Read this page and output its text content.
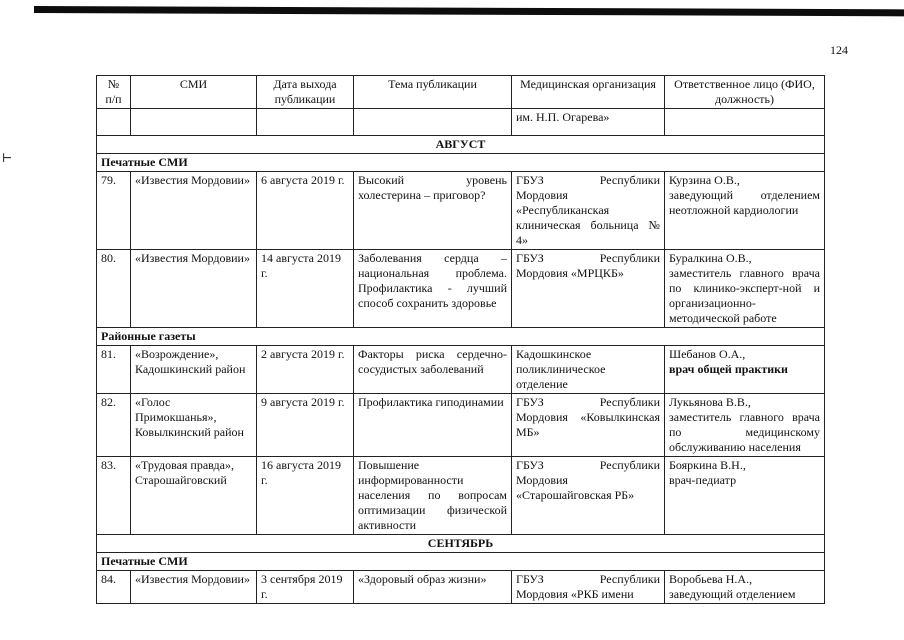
124
⊢
№
п/п	СМИ	Дата выхода публикации	Тема публикации	Медицинская организация	Ответственное лицо (ФИО, должность)
				им. Н.П. Огарева»	
АВГУСТ					
Печатные СМИ					
79.	«Известия Мордовии»	6 августа 2019 г.	Высокий уровень холестерина – приговор?	ГБУЗ Республики Мордовия «Республиканская клиническая больница № 4»	Курзина О.В.,
заведующий отделением неотложной кардиологии
80.	«Известия Мордовии»	14 августа 2019 г.	Заболевания сердца – национальная проблема. Профилактика - лучший способ сохранить здоровье	ГБУЗ Республики Мордовия «МРЦКБ»	Буралкина О.В.,
заместитель главного врача по клинико-эксперт-ной и организационно-методической работе
Районные газеты					
81.	«Возрождение», Кадошкинский район	2 августа 2019 г.	Факторы риска сердечно-сосудистых заболеваний	Кадошкинское поликлиническое отделение	Шебанов О.А.,
врач общей практики
82.	«Голос Примокшанья», Ковылкинский район	9 августа 2019 г.	Профилактика гиподинамии	ГБУЗ Республики Мордовия «Ковылкинская МБ»	Лукьянова В.В.,
заместитель главного врача по медицинскому обслуживанию населения
83.	«Трудовая правда», Старошайговский	16 августа 2019 г.	Повышение информированности населения по вопросам оптимизации физической активности	ГБУЗ Республики Мордовия «Старошайговская РБ»	Бояркина В.Н.,
врач-педиатр
СЕНТЯБРЬ					
Печатные СМИ					
84.	«Известия Мордовии»	3 сентября 2019 г.	«Здоровый образ жизни»	ГБУЗ Республики Мордовия «РКБ имени	Воробьева Н.А.,
заведующий отделением
